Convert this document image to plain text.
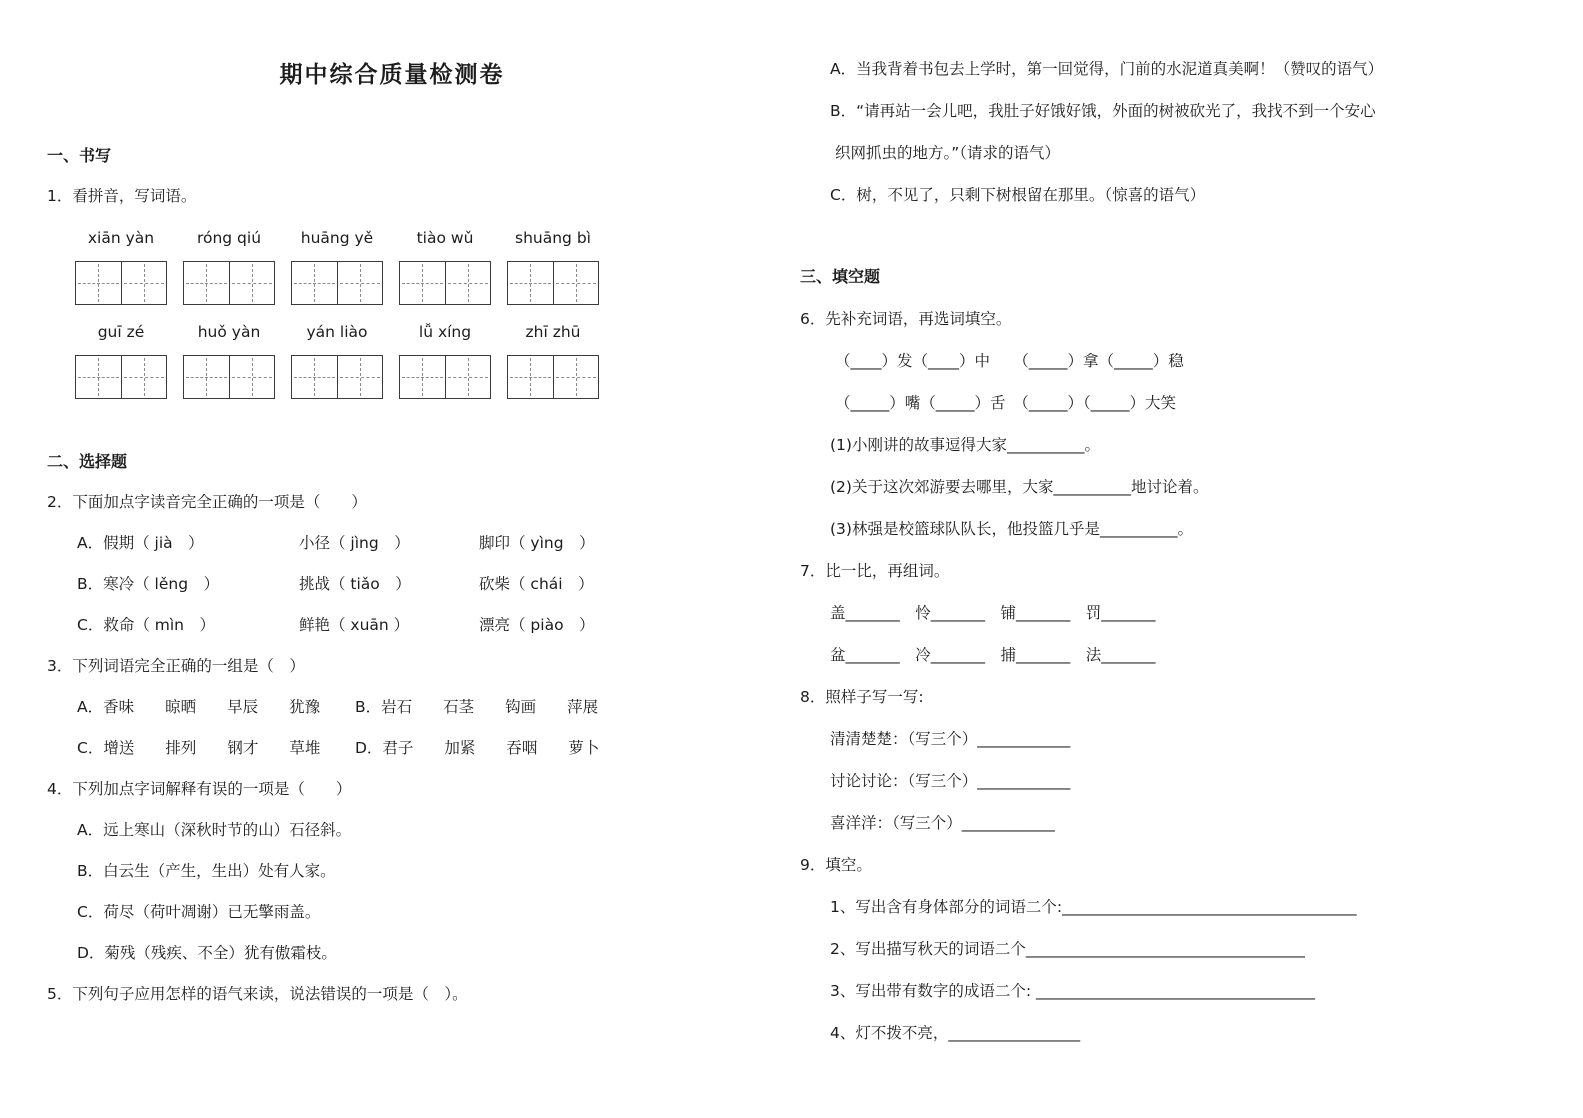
期中综合质量检测卷
一、书写
1．看拼音，写词语。
xiān yàn	róng qiú	huāng yě	tiào wǔ	shuāng bì
guī zé	huǒ yàn	yán liào	lǚ xíng	zhī zhū
二、选择题
2．下面加点字读音完全正确的一项是（　　）
A．假期（ jià　）	小径（ jìng　）	脚印（ yìng　）
B．寒冷（ lěng　）	挑战（ tiǎo　）	砍柴（ chái　）
C．救命（ mìn　）	鲜艳（ xuān ）	漂亮（ piào　）
3．下列词语完全正确的一组是（　）
A．香味　　晾晒　　早辰　　犹豫	B．岩石　　石茎　　钩画　　萍展
C．增送　　排列　　钢才　　草堆	D．君子　　加紧　　吞咽　　萝卜
4．下列加点字词解释有误的一项是（　　）
A．远上寒山（深秋时节的山）石径斜。
B．白云生（产生，生出）处有人家。
C．荷尽（荷叶凋谢）已无擎雨盖。
D．菊残（残疾、不全）犹有傲霜枝。
5．下列句子应用怎样的语气来读，说法错误的一项是（　）。
A．当我背着书包去上学时，第一回觉得，门前的水泥道真美啊！（赞叹的语气）
B．“请再站一会儿吧，我肚子好饿好饿，外面的树被砍光了，我找不到一个安心
织网抓虫的地方。”（请求的语气）
C．树，不见了，只剩下树根留在那里。（惊喜的语气）
三、填空题
6．先补充词语，再选词填空。
（____）发（____）中　　（_____）拿（_____）稳
（_____）嘴（_____）舌　（_____）（_____）大笑
(1)小刚讲的故事逗得大家__________。
(2)关于这次郊游要去哪里，大家__________地讨论着。
(3)林强是校篮球队队长，他投篮几乎是__________。
7．比一比，再组词。
盖_______　怜_______　铺_______　罚_______
盆_______　冷_______　捕_______　法_______
8．照样子写一写:
清清楚楚：（写三个）____________
讨论讨论：（写三个）____________
喜洋洋：（写三个）____________
9．填空。
1、写出含有身体部分的词语二个:______________________________________
2、写出描写秋天的词语二个____________________________________
3、写出带有数字的成语二个: ____________________________________
4、灯不拨不亮，_________________
